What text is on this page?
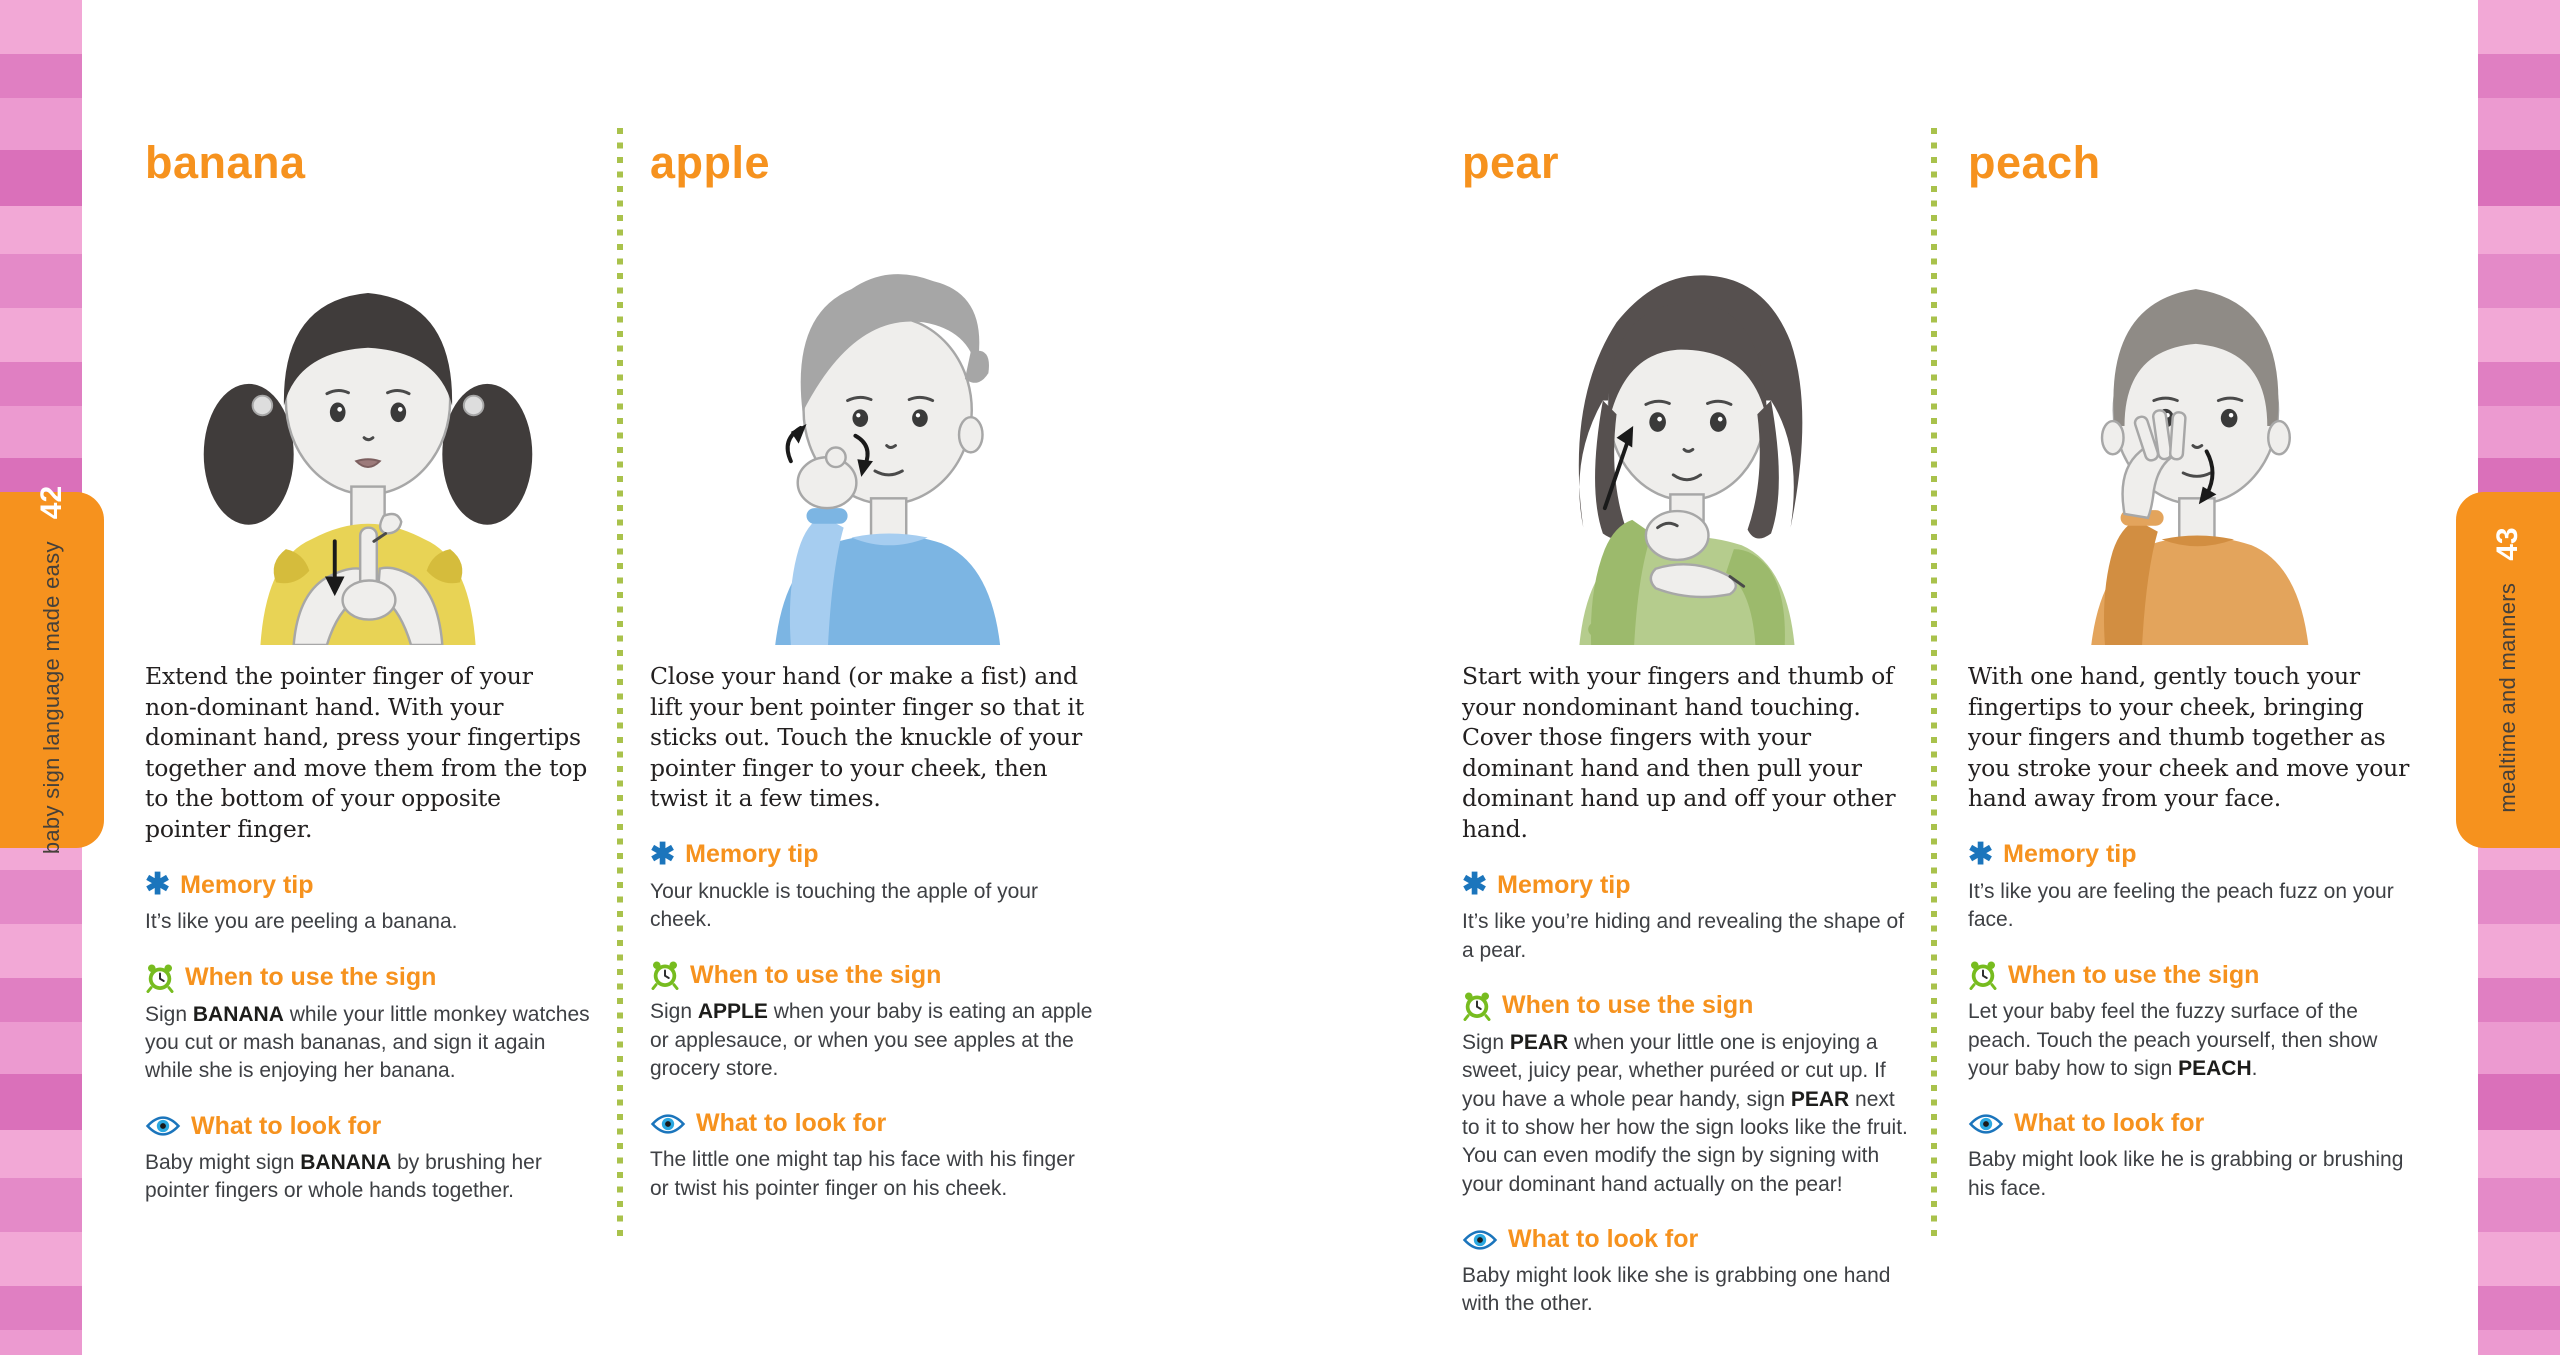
baby sign language made easy
42
mealtime and manners
43
banana

Extend the pointer finger of your non-dominant hand. With your dominant hand, press your fingertips together and move them from the top to the bottom of your opposite pointer finger.

✱ Memory tip

It’s like you are peeling a banana.

When to use the sign

Sign BANANA while your little monkey watches you cut or mash bananas, and sign it again while she is enjoying her banana.

What to look for

Baby might sign BANANA by brushing her pointer fingers or whole hands together.

apple

Close your hand (or make a fist) and lift your bent pointer finger so that it sticks out. Touch the knuckle of your pointer finger to your cheek, then twist it a few times.

✱ Memory tip

Your knuckle is touching the apple of your cheek.

When to use the sign

Sign APPLE when your baby is eating an apple or applesauce, or when you see apples at the grocery store.

What to look for

The little one might tap his face with his finger or twist his pointer finger on his cheek.

pear

Start with your fingers and thumb of your nondominant hand touching. Cover those fingers with your dominant hand and then pull your dominant hand up and off your other hand.

✱ Memory tip

It’s like you’re hiding and revealing the shape of a pear.

When to use the sign

Sign PEAR when your little one is enjoying a sweet, juicy pear, whether puréed or cut up. If you have a whole pear handy, sign PEAR next to it to show her how the sign looks like the fruit. You can even modify the sign by signing with your dominant hand actually on the pear!

What to look for

Baby might look like she is grabbing one hand with the other.

peach

With one hand, gently touch your fingertips to your cheek, bringing your fingers and thumb together as you stroke your cheek and move your hand away from your face.

✱ Memory tip

It’s like you are feeling the peach fuzz on your face.

When to use the sign

Let your baby feel the fuzzy surface of the peach. Touch the peach yourself, then show your baby how to sign PEACH.

What to look for

Baby might look like he is grabbing or brushing his face.
